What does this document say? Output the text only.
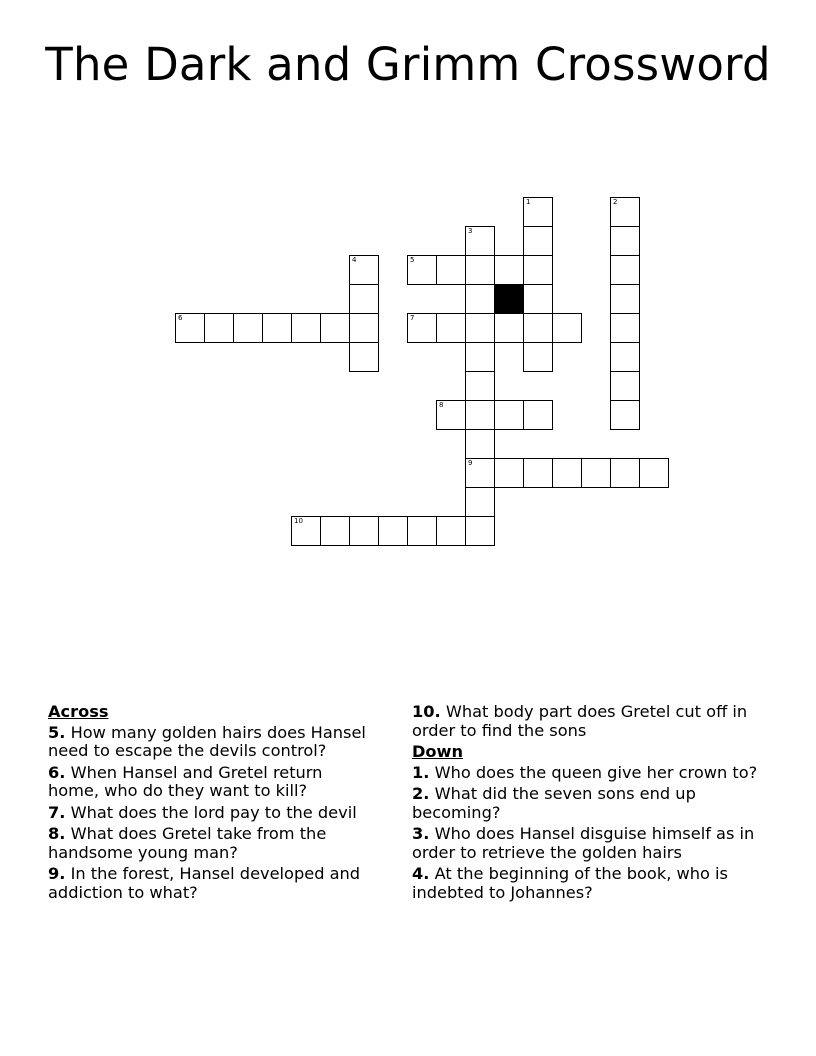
The Dark and Grimm Crossword
1	2
3
9
4	5
6	7
8
10
Across
5. How many golden hairs does Hansel need to escape the devils control?
6. When Hansel and Gretel return home, who do they want to kill?
7. What does the lord pay to the devil
8. What does Gretel take from the handsome young man?
9. In the forest, Hansel developed and addiction to what?
10. What body part does Gretel cut off in order to find the sons
Down
1. Who does the queen give her crown to?
2. What did the seven sons end up becoming?
3. Who does Hansel disguise himself as in order to retrieve the golden hairs
4. At the beginning of the book, who is indebted to Johannes?
